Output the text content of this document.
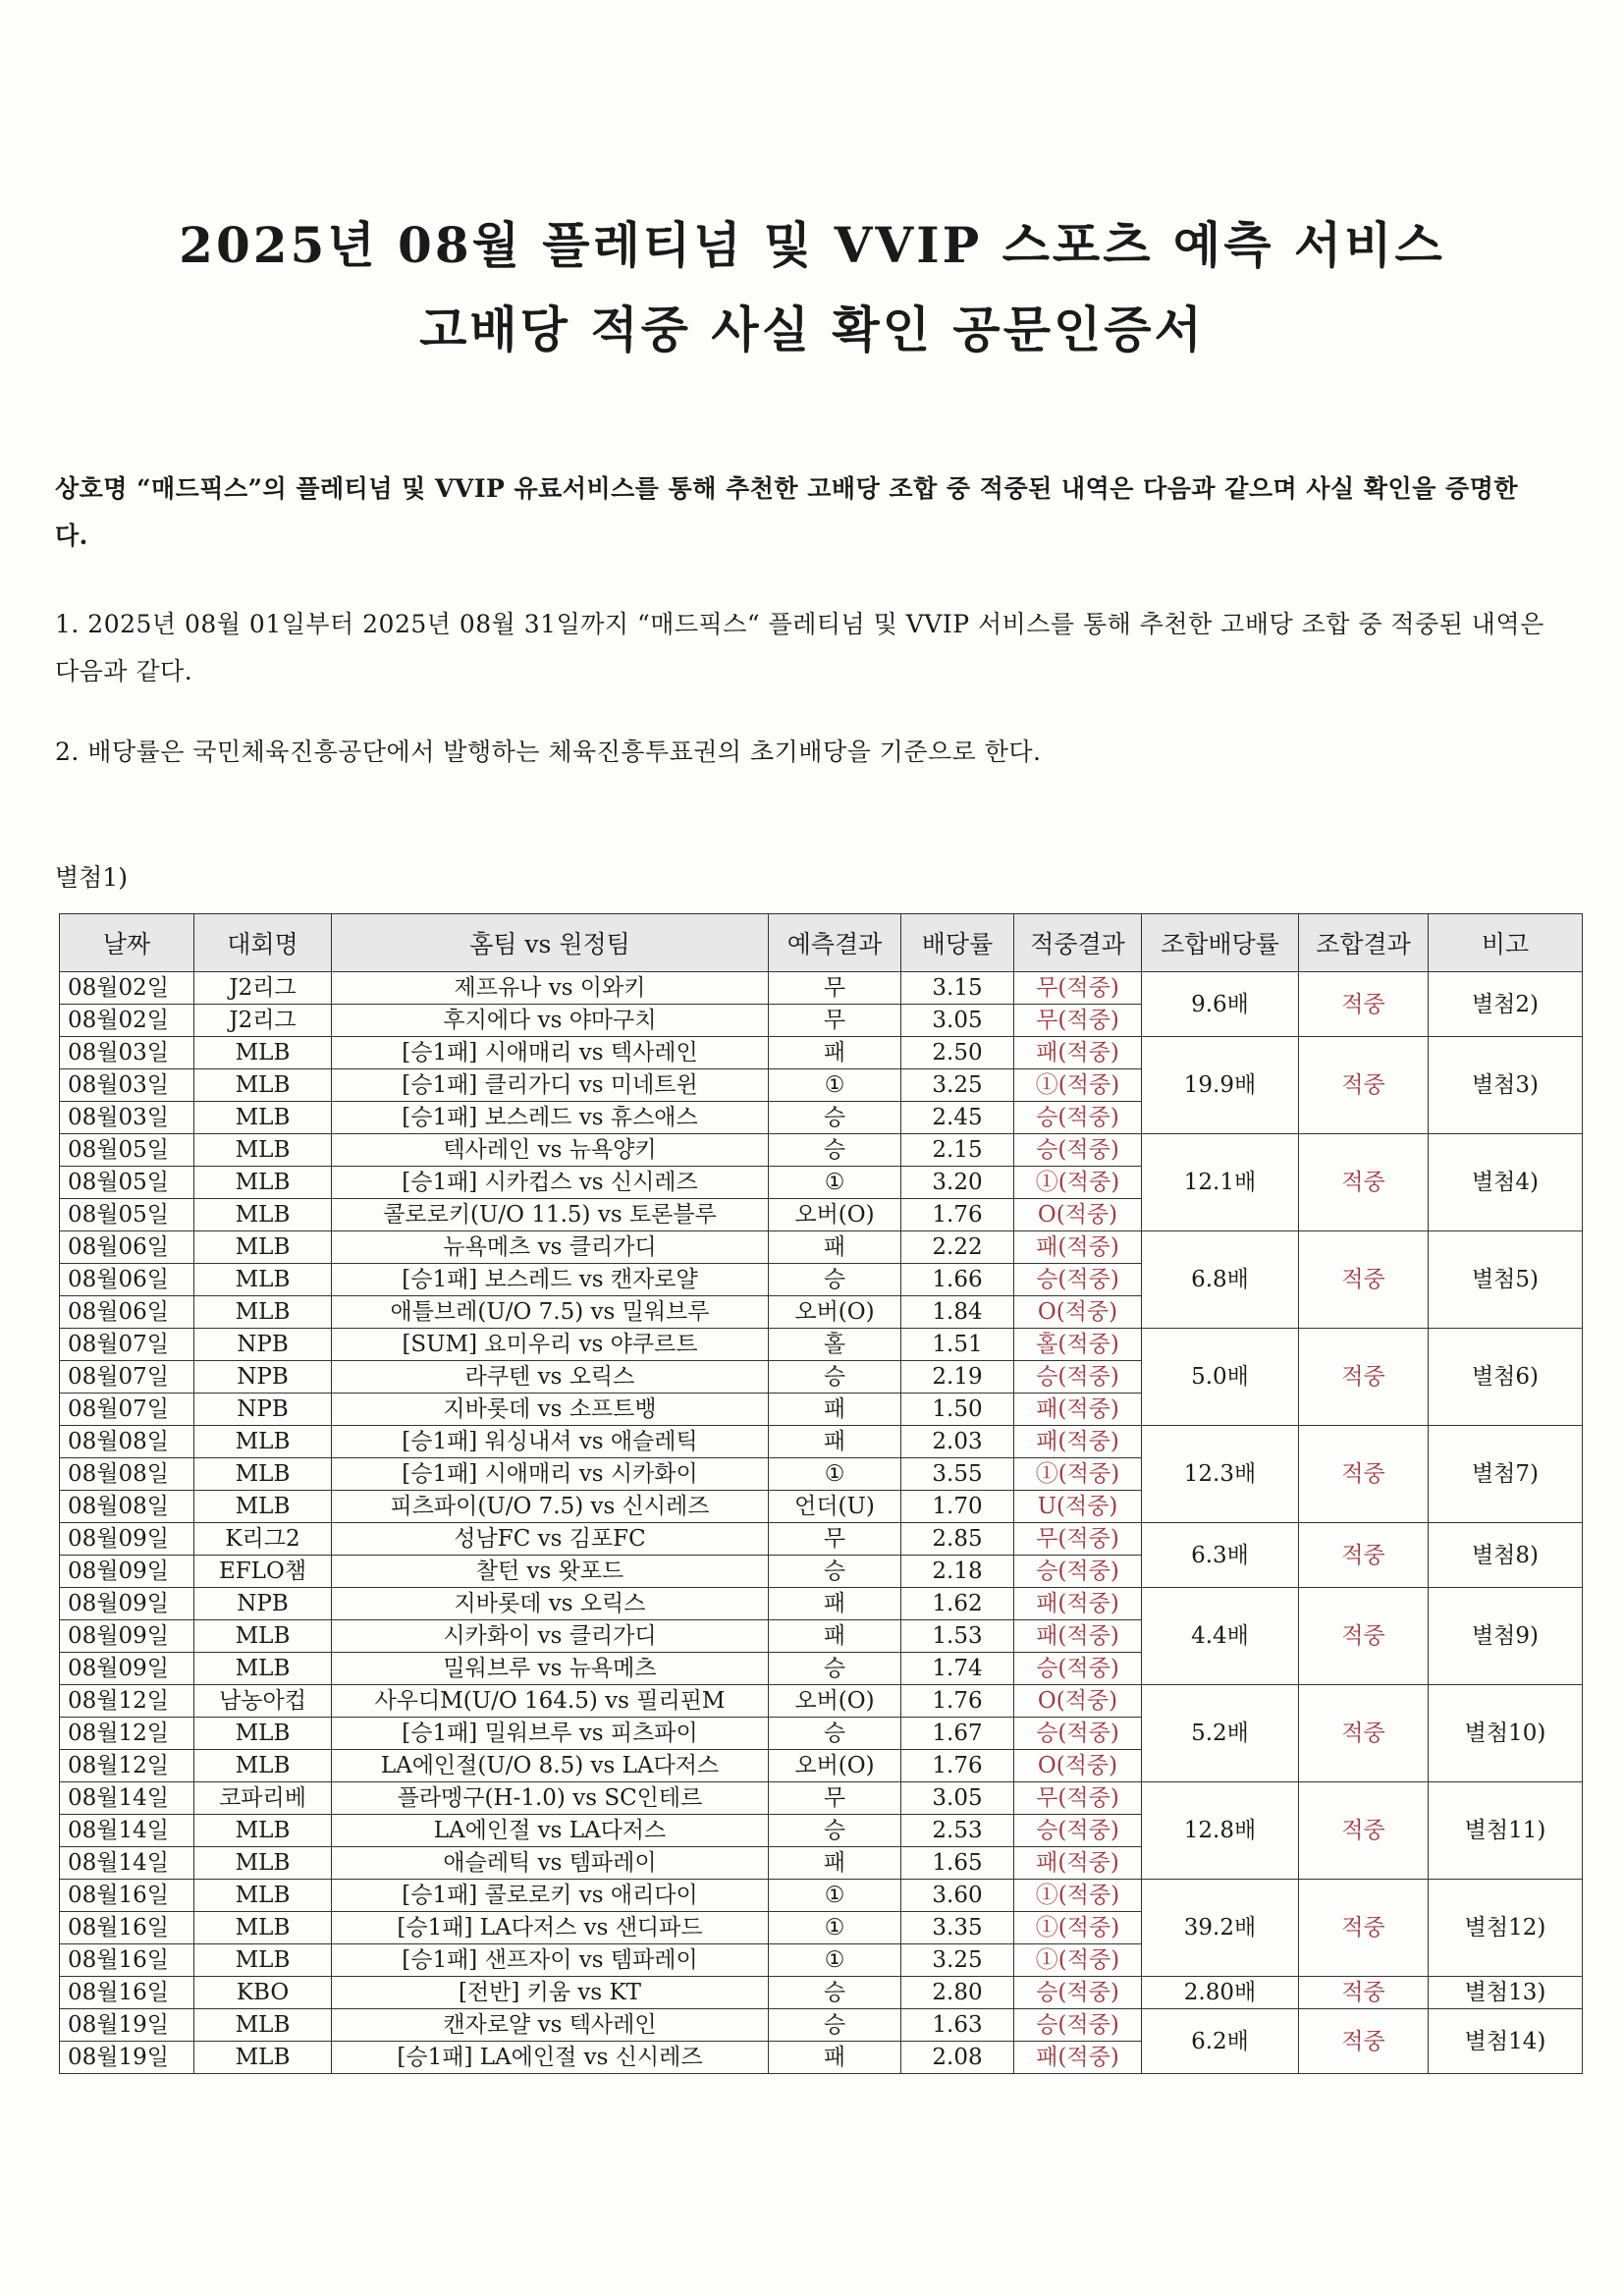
2025년 08월 플레티넘 및 VVIP 스포츠 예측 서비스
고배당 적중 사실 확인 공문인증서
상호명 “매드픽스”의 플레티넘 및 VVIP 유료서비스를 통해 추천한 고배당 조합 중 적중된 내역은 다음과 같으며 사실 확인을 증명한다.
1. 2025년 08월 01일부터 2025년 08월 31일까지 “매드픽스“ 플레티넘 및 VVIP 서비스를 통해 추천한 고배당 조합 중 적중된 내역은 다음과 같다.
2. 배당률은 국민체육진흥공단에서 발행하는 체육진흥투표권의 초기배당을 기준으로 한다.
별첨1)
날짜	대회명	홈팀 vs 원정팀	예측결과	배당률	적중결과	조합배당률	조합결과	비고
08월02일	J2리그	제프유나 vs 이와키	무	3.15	무(적중)	9.6배	적중	별첨2)
08월02일	J2리그	후지에다 vs 야마구치	무	3.05	무(적중)			
08월03일	MLB	[승1패] 시애매리 vs 텍사레인	패	2.50	패(적중)	19.9배	적중	별첨3)
08월03일	MLB	[승1패] 클리가디 vs 미네트윈	①	3.25	①(적중)			
08월03일	MLB	[승1패] 보스레드 vs 휴스애스	승	2.45	승(적중)			
08월05일	MLB	텍사레인 vs 뉴욕양키	승	2.15	승(적중)	12.1배	적중	별첨4)
08월05일	MLB	[승1패] 시카컵스 vs 신시레즈	①	3.20	①(적중)			
08월05일	MLB	콜로로키(U/O 11.5) vs 토론블루	오버(O)	1.76	O(적중)			
08월06일	MLB	뉴욕메츠 vs 클리가디	패	2.22	패(적중)	6.8배	적중	별첨5)
08월06일	MLB	[승1패] 보스레드 vs 캔자로얄	승	1.66	승(적중)			
08월06일	MLB	애틀브레(U/O 7.5) vs 밀워브루	오버(O)	1.84	O(적중)			
08월07일	NPB	[SUM] 요미우리 vs 야쿠르트	홀	1.51	홀(적중)	5.0배	적중	별첨6)
08월07일	NPB	라쿠텐 vs 오릭스	승	2.19	승(적중)			
08월07일	NPB	지바롯데 vs 소프트뱅	패	1.50	패(적중)			
08월08일	MLB	[승1패] 워싱내셔 vs 애슬레틱	패	2.03	패(적중)	12.3배	적중	별첨7)
08월08일	MLB	[승1패] 시애매리 vs 시카화이	①	3.55	①(적중)			
08월08일	MLB	피츠파이(U/O 7.5) vs 신시레즈	언더(U)	1.70	U(적중)			
08월09일	K리그2	성남FC vs 김포FC	무	2.85	무(적중)	6.3배	적중	별첨8)
08월09일	EFLO챔	찰턴 vs 왓포드	승	2.18	승(적중)			
08월09일	NPB	지바롯데 vs 오릭스	패	1.62	패(적중)	4.4배	적중	별첨9)
08월09일	MLB	시카화이 vs 클리가디	패	1.53	패(적중)			
08월09일	MLB	밀워브루 vs 뉴욕메츠	승	1.74	승(적중)			
08월12일	남농아컵	사우디M(U/O 164.5) vs 필리핀M	오버(O)	1.76	O(적중)	5.2배	적중	별첨10)
08월12일	MLB	[승1패] 밀워브루 vs 피츠파이	승	1.67	승(적중)			
08월12일	MLB	LA에인절(U/O 8.5) vs LA다저스	오버(O)	1.76	O(적중)			
08월14일	코파리베	플라멩구(H-1.0) vs SC인테르	무	3.05	무(적중)	12.8배	적중	별첨11)
08월14일	MLB	LA에인절 vs LA다저스	승	2.53	승(적중)			
08월14일	MLB	애슬레틱 vs 템파레이	패	1.65	패(적중)			
08월16일	MLB	[승1패] 콜로로키 vs 애리다이	①	3.60	①(적중)	39.2배	적중	별첨12)
08월16일	MLB	[승1패] LA다저스 vs 샌디파드	①	3.35	①(적중)			
08월16일	MLB	[승1패] 샌프자이 vs 템파레이	①	3.25	①(적중)			
08월16일	KBO	[전반] 키움 vs KT	승	2.80	승(적중)	2.80배	적중	별첨13)
08월19일	MLB	캔자로얄 vs 텍사레인	승	1.63	승(적중)	6.2배	적중	별첨14)
08월19일	MLB	[승1패] LA에인절 vs 신시레즈	패	2.08	패(적중)			
